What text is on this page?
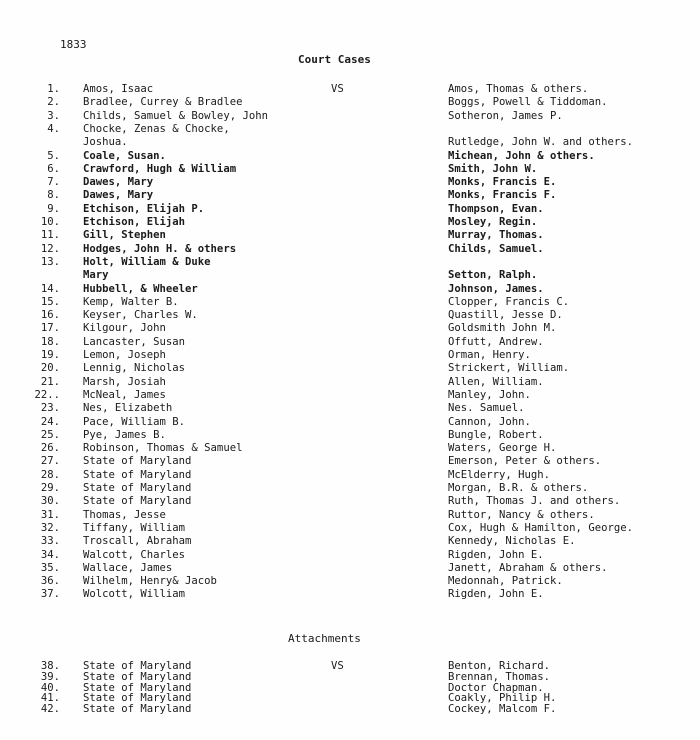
1833
Court Cases
1. Amos, Isaac	VS	Amos, Thomas & others.
2. Bradlee, Currey & Bradlee	Boggs, Powell & Tiddoman.
3. Childs, Samuel & Bowley, John	Sotheron, James P.
4. Chocke, Zenas & Chocke,
Joshua.	Rutledge, John W. and others.
5. Coale, Susan.	Michean, John & others.
6. Crawford, Hugh & William	Smith, John W.
7. Dawes, Mary	Monks, Francis E.
8. Dawes, Mary	Monks, Francis F.
9. Etchison, Elijah P.	Thompson, Evan.
10. Etchison, Elijah	Mosley, Regin.
11. Gill, Stephen	Murray, Thomas.
12. Hodges, John H. & others	Childs, Samuel.
13. Holt, William & Duke
Mary	Setton, Ralph.
14. Hubbell, & Wheeler	Johnson, James.
15. Kemp, Walter B.	Clopper, Francis C.
16. Keyser, Charles W.	Quastill, Jesse D.
17. Kilgour, John	Goldsmith John M.
18. Lancaster, Susan	Offutt, Andrew.
19. Lemon, Joseph	Orman, Henry.
20. Lennig, Nicholas	Strickert, William.
21. Marsh, Josiah	Allen, William.
22.. McNeal, James	Manley, John.
23. Nes, Elizabeth	Nes. Samuel.
24. Pace, William B.	Cannon, John.
25. Pye, James B.	Bungle, Robert.
26. Robinson, Thomas & Samuel	Waters, George H.
27. State of Maryland	Emerson, Peter & others.
28. State of Maryland	McElderry, Hugh.
29. State of Maryland	Morgan, B.R. & others.
30. State of Maryland	Ruth, Thomas J. and others.
31. Thomas, Jesse	Ruttor, Nancy & others.
32. Tiffany, William	Cox, Hugh & Hamilton, George.
33. Troscall, Abraham	Kennedy, Nicholas E.
34. Walcott, Charles	Rigden, John E.
35. Wallace, James	Janett, Abraham & others.
36. Wilhelm, Henry& Jacob	Medonnah, Patrick.
37. Wolcott, William	Rigden, John E.
Attachments
38. State of Maryland	VS	Benton, Richard.
39. State of Maryland	Brennan, Thomas.
40. State of Maryland	Doctor Chapman.
41. State of Maryland	Coakly, Philip H.
42. State of Maryland	Cockey, Malcom F.
